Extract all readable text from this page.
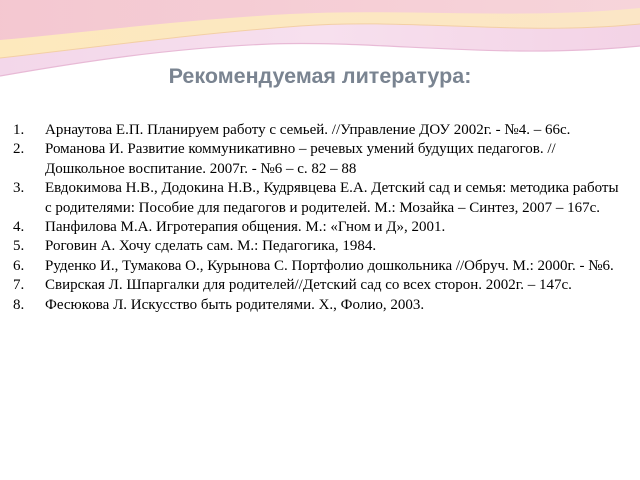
Рекомендуемая литература:
1. Арнаутова Е.П. Планируем работу с семьей. //Управление ДОУ 2002г. - №4. – 66с.
2. Романова И. Развитие коммуникативно – речевых умений будущих педагогов. // Дошкольное воспитание. 2007г. - №6 – с. 82 – 88
3. Евдокимова Н.В., Додокина Н.В., Кудрявцева Е.А. Детский сад и семья: методика работы с родителями: Пособие для педагогов и родителей. М.: Мозайка – Синтез, 2007 – 167с.
4. Панфилова М.А. Игротерапия общения. М.: «Гном и Д», 2001.
5. Роговин А. Хочу сделать сам. М.: Педагогика, 1984.
6. Руденко И., Тумакова О., Курынова С. Портфолио дошкольника //Обруч. М.: 2000г. - №6.
7. Свирская Л. Шпаргалки для родителей//Детский сад со всех сторон. 2002г. – 147с.
8. Фесюкова Л. Искусство быть родителями. Х., Фолио, 2003.
